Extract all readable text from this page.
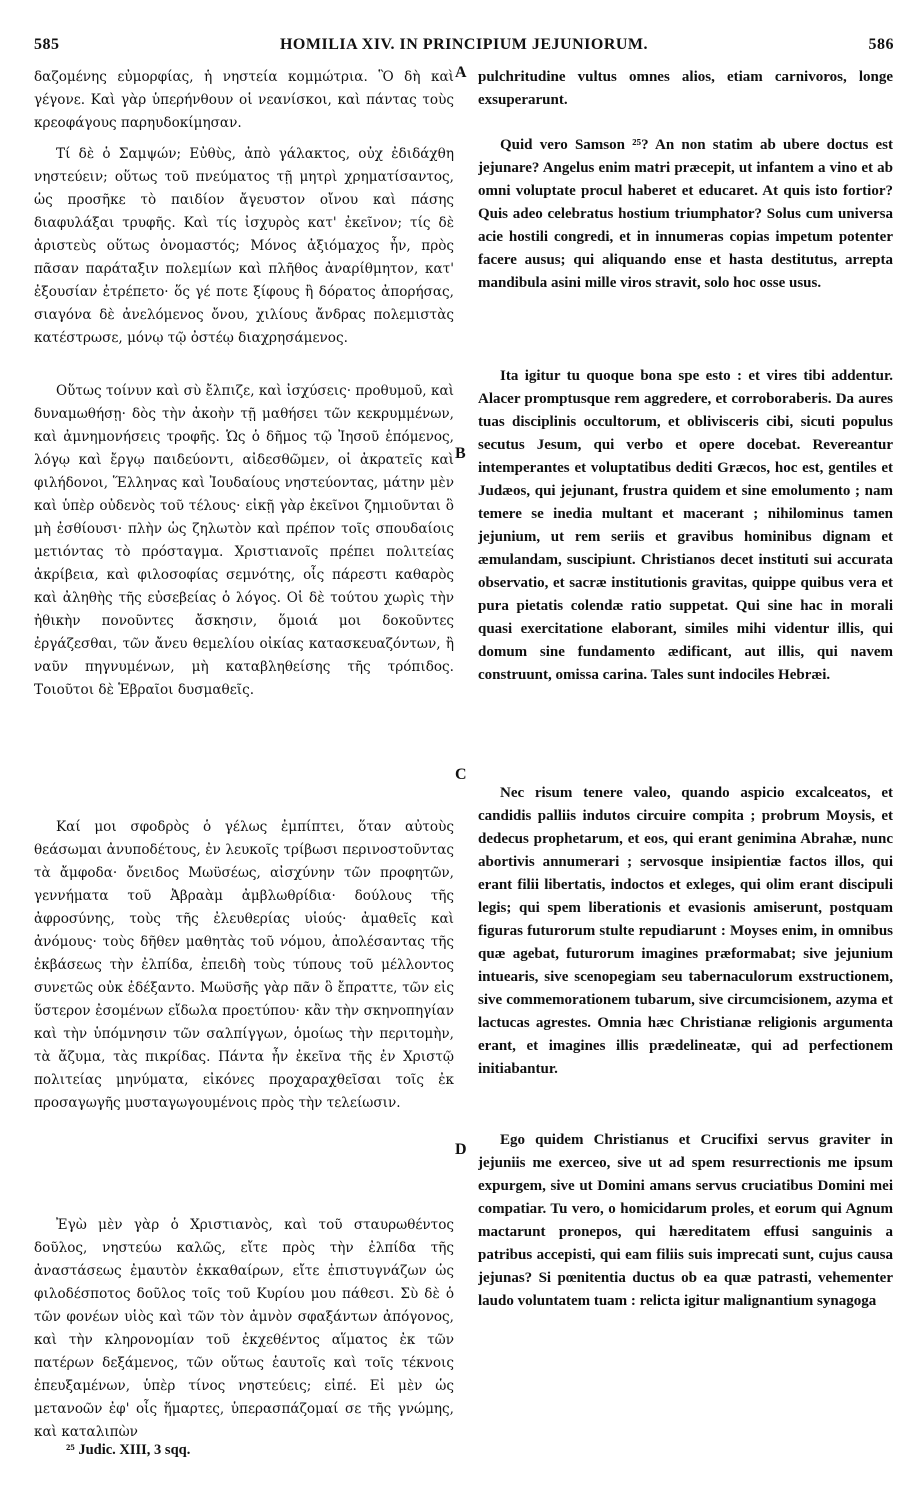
585	HOMILIA XIV. IN PRINCIPIUM JEJUNIORUM.	586

δαζομένης εὐμορφίας, ἡ νηστεία κομμώτρια. Ὃ δὴ καὶ γέγονε. Καὶ γὰρ ὑπερήνθουν οἱ νεανίσκοι, καὶ πάντας τοὺς κρεοφάγους παρηυδοκίμησαν.

Τί δὲ ὁ Σαμψών; Εὐθὺς, ἀπὸ γάλακτος, οὐχ ἐδιδάχθη νηστεύειν; οὕτως τοῦ πνεύματος τῇ μητρὶ χρηματίσαντος, ὡς προσῆκε τὸ παιδίον ἄγευστον οἴνου καὶ πάσης διαφυλάξαι τρυφῆς. Καὶ τίς ἰσχυρὸς κατ' ἐκεῖνον; τίς δὲ ἀριστεὺς οὕτως ὀνομαστός; Μόνος ἀξιόμαχος ἦν, πρὸς πᾶσαν παράταξιν πολεμίων καὶ πλῆθος ἀναρίθμητον, κατ' ἐξουσίαν ἐτρέπετο· ὅς γέ ποτε ξίφους ἢ δόρατος ἀπορήσας, σιαγόνα δὲ ἀνελόμενος ὄνου, χιλίους ἄνδρας πολεμιστὰς κατέστρωσε, μόνῳ τῷ ὀστέῳ διαχρησάμενος.

Οὕτως τοίνυν καὶ σὺ ἔλπιζε, καὶ ἰσχύσεις· προθυμοῦ, καὶ δυναμωθήσῃ· δὸς τὴν ἀκοὴν τῇ μαθήσει τῶν κεκρυμμένων, καὶ ἀμνημονήσεις τροφῆς. Ὡς ὁ δῆμος τῷ Ἰησοῦ ἑπόμενος, λόγῳ καὶ ἔργῳ παιδεύοντι, αἰδεσθῶμεν, οἱ ἀκρατεῖς καὶ φιλήδονοι, Ἕλληνας καὶ Ἰουδαίους νηστεύοντας, μάτην μὲν καὶ ὑπὲρ οὐδενὸς τοῦ τέλους· εἰκῇ γὰρ ἐκεῖνοι ζημιοῦνται ὃ μὴ ἐσθίουσι· πλὴν ὡς ζηλωτὸν καὶ πρέπον τοῖς σπουδαίοις μετιόντας τὸ πρόσταγμα. Χριστιανοῖς πρέπει πολιτείας ἀκρίβεια, καὶ φιλοσοφίας σεμνότης, οἷς πάρεστι καθαρὸς καὶ ἀληθὴς τῆς εὐσεβείας ὁ λόγος. Οἱ δὲ τούτου χωρὶς τὴν ἠθικὴν πονοῦντες ἄσκησιν, ὅμοιά μοι δοκοῦντες ἐργάζεσθαι, τῶν ἄνευ θεμελίου οἰκίας κατασκευαζόντων, ἢ ναῦν πηγνυμένων, μὴ καταβληθείσης τῆς τρόπιδος. Τοιοῦτοι δὲ Ἑβραῖοι δυσμαθεῖς.

Καί μοι σφοδρὸς ὁ γέλως ἐμπίπτει, ὅταν αὐτοὺς θεάσωμαι ἀνυποδέτους, ἐν λευκοῖς τρίβωσι περινοστοῦντας τὰ ἄμφοδα· ὄνειδος Μωϋσέως, αἰσχύνην τῶν προφητῶν, γεννήματα τοῦ Ἀβραὰμ ἀμβλωθρίδια· δούλους τῆς ἀφροσύνης, τοὺς τῆς ἐλευθερίας υἱούς· ἀμαθεῖς καὶ ἀνόμους· τοὺς δῆθεν μαθητὰς τοῦ νόμου, ἀπολέσαντας τῆς ἐκβάσεως τὴν ἐλπίδα, ἐπειδὴ τοὺς τύπους τοῦ μέλλοντος συνετῶς οὐκ ἐδέξαντο. Μωϋσῆς γὰρ πᾶν ὃ ἔπραττε, τῶν εἰς ὕστερον ἐσομένων εἴδωλα προετύπου· κἂν τὴν σκηνοπηγίαν καὶ τὴν ὑπόμνησιν τῶν σαλπίγγων, ὁμοίως τὴν περιτομὴν, τὰ ἄζυμα, τὰς πικρίδας. Πάντα ἦν ἐκεῖνα τῆς ἐν Χριστῷ πολιτείας μηνύματα, εἰκόνες προχαραχθεῖσαι τοῖς ἐκ προσαγωγῆς μυσταγωγουμένοις πρὸς τὴν τελείωσιν.

Ἐγὼ μὲν γὰρ ὁ Χριστιανὸς, καὶ τοῦ σταυρωθέντος δοῦλος, νηστεύω καλῶς, εἴτε πρὸς τὴν ἐλπίδα τῆς ἀναστάσεως ἐμαυτὸν ἐκκαθαίρων, εἴτε ἐπιστυγνάζων ὡς φιλοδέσποτος δοῦλος τοῖς τοῦ Κυρίου μου πάθεσι. Σὺ δὲ ὁ τῶν φονέων υἱὸς καὶ τῶν τὸν ἀμνὸν σφαξάντων ἀπόγονος, καὶ τὴν κληρονομίαν τοῦ ἐκχεθέντος αἵματος ἐκ τῶν πατέρων δεξάμενος, τῶν οὕτως ἑαυτοῖς καὶ τοῖς τέκνοις ἐπευξαμένων, ὑπὲρ τίνος νηστεύεις; εἰπέ. Εἰ μὲν ὡς μετανοῶν ἐφ' οἷς ἥμαρτες, ὑπερασπάζομαί σε τῆς γνώμης, καὶ καταλιπὼν

pulchritudine vultus omnes alios, etiam carnivoros, longe exsuperarunt.

Quid vero Samson ²⁵? An non statim ab ubere doctus est jejunare? Angelus enim matri præcepit, ut infantem a vino et ab omni voluptate procul haberet et educaret. At quis isto fortior? Quis adeo celebratus hostium triumphator? Solus cum universa acie hostili congredi, et in innumeras copias impetum potenter facere ausus; qui aliquando ense et hasta destitutus, arrepta mandibula asini mille viros stravit, solo hoc osse usus.

Ita igitur tu quoque bona spe esto : et vires tibi addentur. Alacer promptusque rem aggredere, et corroboraberis. Da aures tuas disciplinis occultorum, et oblivisceris cibi, sicuti populus secutus Jesum, qui verbo et opere docebat. Revereantur intemperantes et voluptatibus dediti Græcos, hoc est, gentiles et Judæos, qui jejunant, frustra quidem et sine emolumento ; nam temere se inedia multant et macerant ; nihilominus tamen jejunium, ut rem seriis et gravibus hominibus dignam et æmulandam, suscipiunt. Christianos decet instituti sui accurata observatio, et sacræ institutionis gravitas, quippe quibus vera et pura pietatis colendæ ratio suppetat. Qui sine hac in morali quasi exercitatione elaborant, similes mihi videntur illis, qui domum sine fundamento ædificant, aut illis, qui navem construunt, omissa carina. Tales sunt indociles Hebræi.

Nec risum tenere valeo, quando aspicio excalceatos, et candidis palliis indutos circuire compita ; probrum Moysis, et dedecus prophetarum, et eos, qui erant genimina Abrahæ, nunc abortivis annumerari ; servosque insipientiæ factos illos, qui erant filii libertatis, indoctos et exleges, qui olim erant discipuli legis; qui spem liberationis et evasionis amiserunt, postquam figuras futurorum stulte repudiarunt : Moyses enim, in omnibus quæ agebat, futurorum imagines præformabat; sive jejunium intuearis, sive scenopegiam seu tabernaculorum exstructionem, sive commemorationem tubarum, sive circumcisionem, azyma et lactucas agrestes. Omnia hæc Christianæ religionis argumenta erant, et imagines illis prædelineatæ, qui ad perfectionem initiabantur.

Ego quidem Christianus et Crucifixi servus graviter in jejuniis me exerceo, sive ut ad spem resurrectionis me ipsum expurgem, sive ut Domini amans servus cruciatibus Domini mei compatiar. Tu vero, o homicidarum proles, et eorum qui Agnum mactarunt pronepos, qui hæreditatem effusi sanguinis a patribus accepisti, qui eam filiis suis imprecati sunt, cujus causa jejunas? Si pœnitentia ductus ob ea quæ patrasti, vehementer laudo voluntatem tuam : relicta igitur malignantium synagoga

A
B
C
D
²⁵ Judic. XIII, 3 sqq.
